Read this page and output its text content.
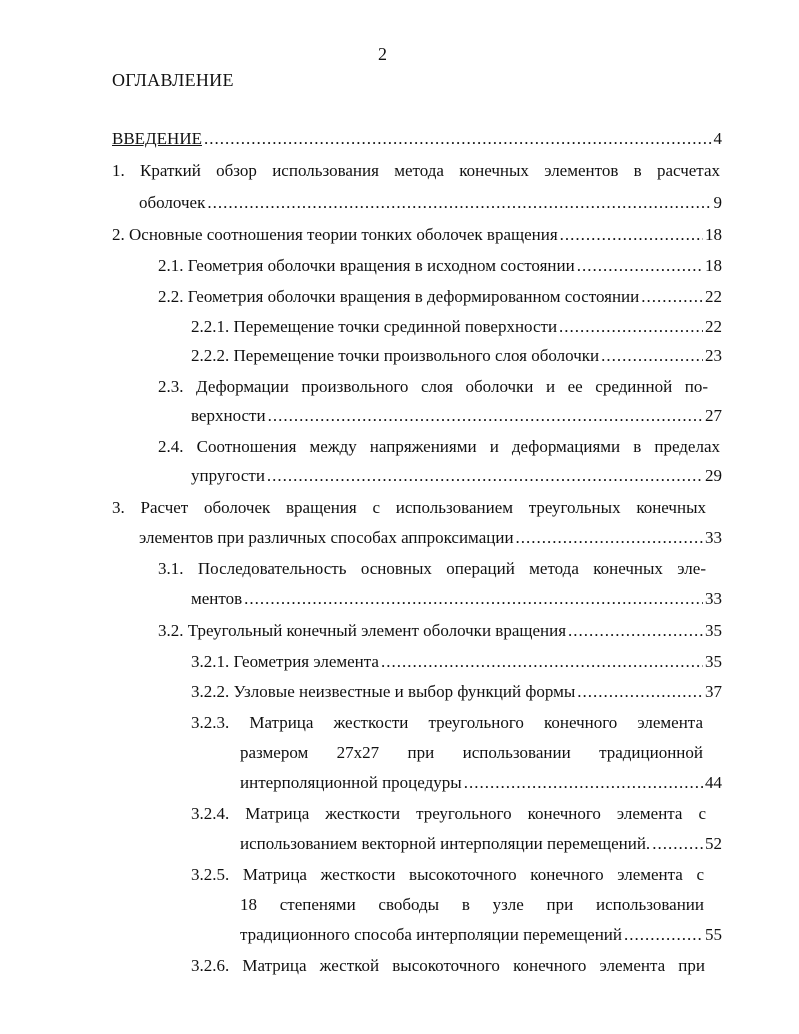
2
ОГЛАВЛЕНИЕ
ВВЕДЕНИЕ .....	4
1. Краткий обзор использования метода конечных элементов в расчетах
оболочек .....	9
2. Основные соотношения теории тонких оболочек вращения .....	18
2.1. Геометрия оболочки вращения в исходном состоянии .....	18
2.2. Геометрия оболочки вращения в деформированном состоянии .....	22
2.2.1. Перемещение точки срединной поверхности .....	22
2.2.2. Перемещение точки произвольного слоя оболочки .....	23
2.3. Деформации произвольного слоя оболочки и ее срединной по-
верхности .....	27
2.4. Соотношения между напряжениями и деформациями в пределах
упругости .....	29
3. Расчет оболочек вращения с использованием треугольных конечных
элементов при различных способах аппроксимации .....	33
3.1. Последовательность основных операций метода конечных эле-
ментов .....	33
3.2. Треугольный конечный элемент оболочки вращения .....	35
3.2.1. Геометрия элемента .....	35
3.2.2. Узловые неизвестные и выбор функций формы .....	37
3.2.3. Матрица жесткости треугольного конечного элемента
размером 27x27 при использовании традиционной
интерполяционной процедуры .....	44
3.2.4. Матрица жесткости треугольного конечного элемента с
использованием векторной интерполяции перемещений. .....	52
3.2.5. Матрица жесткости высокоточного конечного элемента с
18 степенями свободы в узле при использовании
традиционного способа интерполяции перемещений .....	55
3.2.6. Матрица жесткой высокоточного конечного элемента при
